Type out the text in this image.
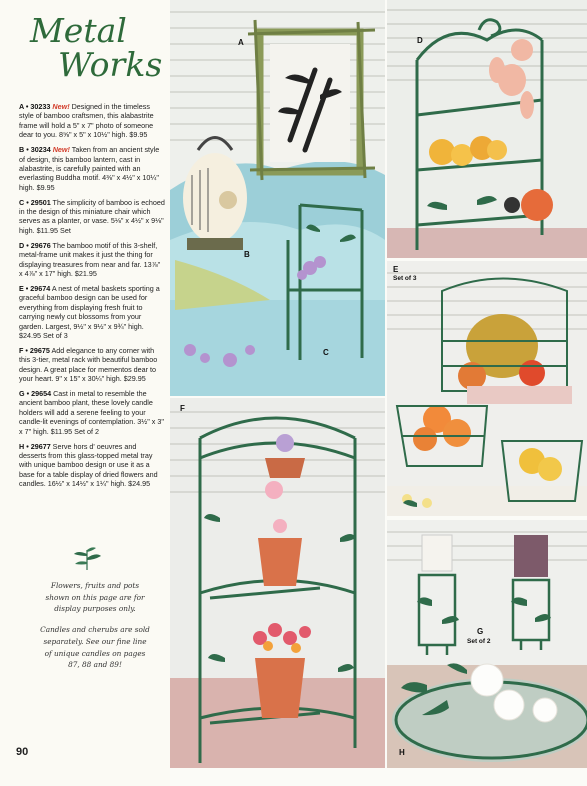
Metal
Works

A • 30233 New! Designed in the timeless style of bamboo craftsmen, this alabastrite frame will hold a 5" x 7" photo of someone dear to you. 8⅝" x 5" x 10½" high. $9.95

B • 30234 New! Taken from an ancient style of design, this bamboo lantern, cast in alabastrite, is carefully painted with an everlasting Buddha motif. 4⅜" x 4½" x 10¼" high. $9.95

C • 29501 The simplicity of bamboo is echoed in the design of this miniature chair which serves as a planter, or vase. 5⅛" x 4½" x 9⅛" high. $11.95 Set

D • 29676 The bamboo motif of this 3-shelf, metal-frame unit makes it just the thing for displaying treasures from near and far. 13⅞" x 4⅞" x 17" high. $21.95

E • 29674 A nest of metal baskets sporting a graceful bamboo design can be used for everything from displaying fresh fruit to carrying newly cut blossoms from your garden. Largest, 9½" x 9½" x 9¾" high. $24.95 Set of 3

F • 29675 Add elegance to any corner with this 3-tier, metal rack with beautiful bamboo design. A great place for mementos dear to your heart. 9" x 15" x 30¼" high. $29.95

G • 29654 Cast in metal to resemble the ancient bamboo plant, these lovely candle holders will add a serene feeling to your candle-lit evenings of contemplation. 3½" x 3" x 7" high. $11.95 Set of 2

H • 29677 Serve hors d' oeuvres and desserts from this glass-topped metal tray with unique bamboo design or use it as a base for a table display of dried flowers and candles. 16½" x 14½" x 1¼" high. $24.95

Flowers, fruits and pots shown on this page are for display purposes only.

Candles and cherubs are sold separately. See our fine line of unique candles on pages 87, 88 and 89!

90
A
B
C
D
E
Set of 3
F
G
Set of 2
H
